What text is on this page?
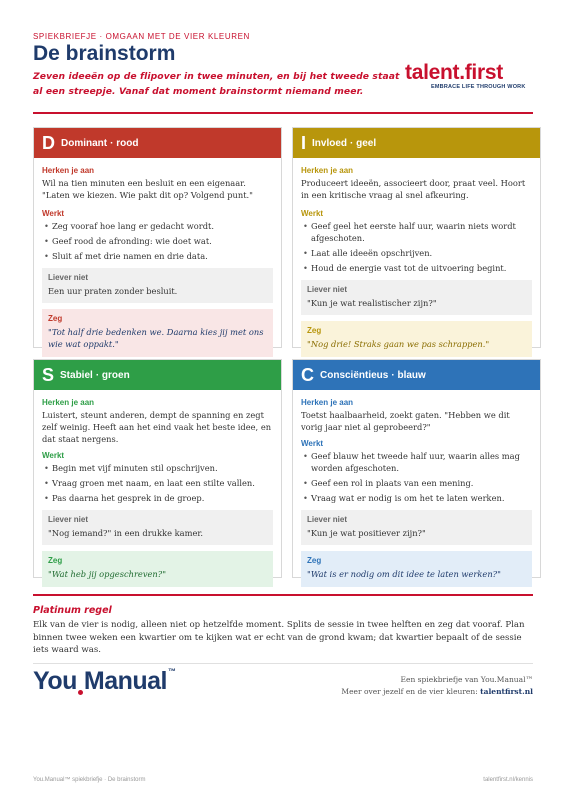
SPIEKBRIEFJE · OMGAAN MET DE VIER KLEUREN
De brainstorm
Zeven ideeën op de flipover in twee minuten, en bij het tweede staat al een streepje. Vanaf dat moment brainstormt niemand meer.
talent.first
EMBRACE LIFE THROUGH WORK
D Dominant · rood
Herken je aan
Wil na tien minuten een besluit en een eigenaar. "Laten we kiezen. Wie pakt dit op? Volgend punt."
Werkt
• Zeg vooraf hoe lang er gedacht wordt.
• Geef rood de afronding: wie doet wat.
• Sluit af met drie namen en drie data.
Liever niet
Een uur praten zonder besluit.
Zeg
"Tot half drie bedenken we. Daarna kies jij met ons wie wat oppakt."
I Invloed · geel
Herken je aan
Produceert ideeën, associeert door, praat veel. Hoort in een kritische vraag al snel afkeuring.
Werkt
• Geef geel het eerste half uur, waarin niets wordt afgeschoten.
• Laat alle ideeën opschrijven.
• Houd de energie vast tot de uitvoering begint.
Liever niet
"Kun je wat realistischer zijn?"
Zeg
"Nog drie! Straks gaan we pas schrappen."
S Stabiel · groen
Herken je aan
Luistert, steunt anderen, dempt de spanning en zegt zelf weinig. Heeft aan het eind vaak het beste idee, en dat staat nergens.
Werkt
• Begin met vijf minuten stil opschrijven.
• Vraag groen met naam, en laat een stilte vallen.
• Pas daarna het gesprek in de groep.
Liever niet
"Nog iemand?" in een drukke kamer.
Zeg
"Wat heb jij opgeschreven?"
C Consciëntieus · blauw
Herken je aan
Toetst haalbaarheid, zoekt gaten. "Hebben we dit vorig jaar niet al geprobeerd?"
Werkt
• Geef blauw het tweede half uur, waarin alles mag worden afgeschoten.
• Geef een rol in plaats van een mening.
• Vraag wat er nodig is om het te laten werken.
Liever niet
"Kun je wat positiever zijn?"
Zeg
"Wat is er nodig om dit idee te laten werken?"
Platinum regel
Elk van de vier is nodig, alleen niet op hetzelfde moment. Splits de sessie in twee helften en zeg dat vooraf. Plan binnen twee weken een kwartier om te kijken wat er echt van de grond kwam; dat kwartier bepaalt of de sessie iets waard was.
You Manual™
Een spiekbriefje van You.Manual™
Meer over jezelf en de vier kleuren: talentfirst.nl
You.Manual™ spiekbriefje · De brainstorm	talentfirst.nl/kennis
